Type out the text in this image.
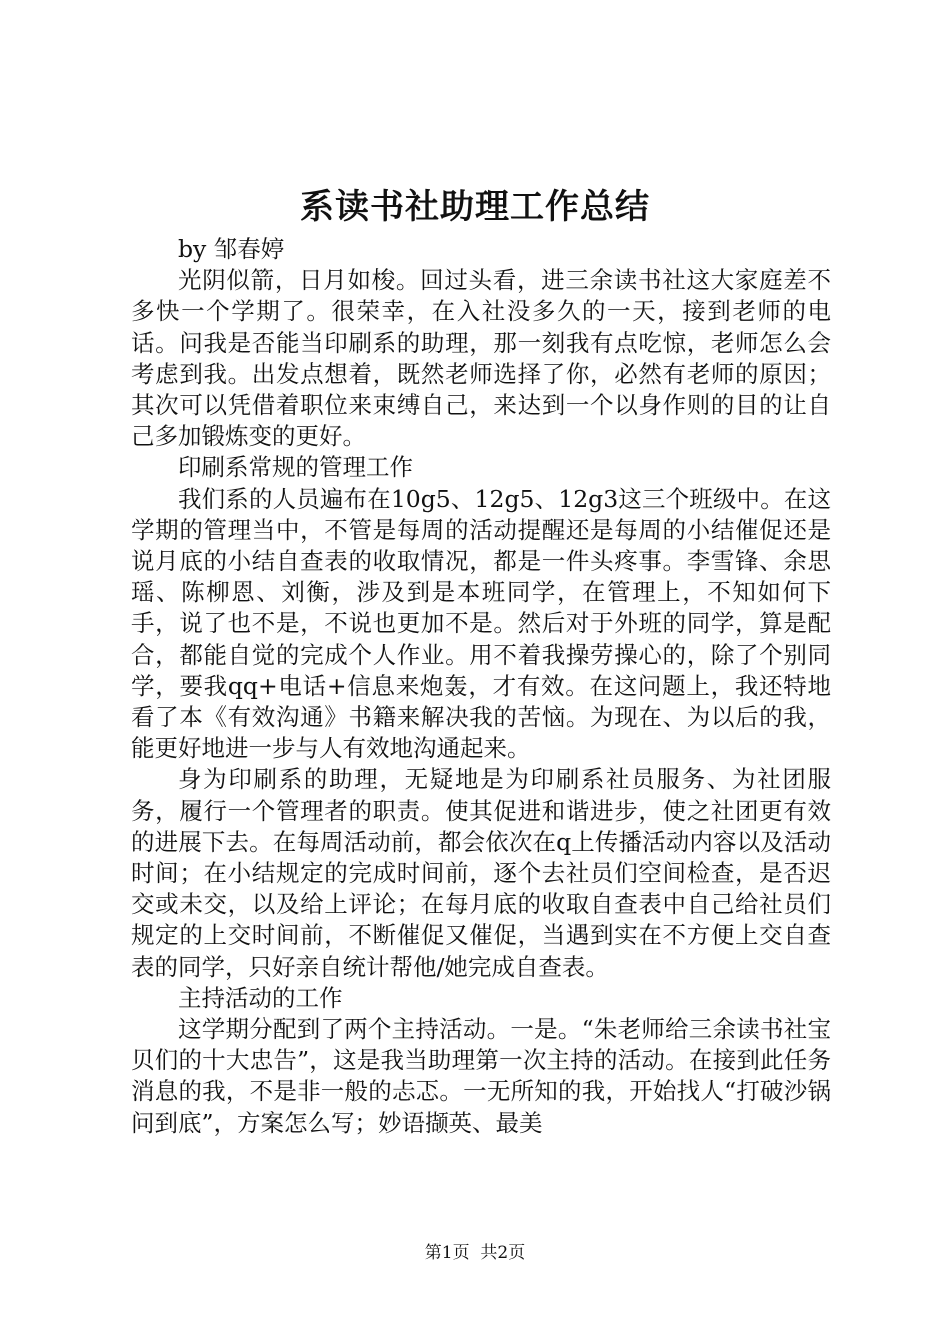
系读书社助理工作总结

by 邹春婷

光阴似箭，日月如梭。回过头看，进三余读书社这大家庭差不多快一个学期了。很荣幸，在入社没多久的一天，接到老师的电话。问我是否能当印刷系的助理，那一刻我有点吃惊，老师怎么会考虑到我。出发点想着，既然老师选择了你，必然有老师的原因；其次可以凭借着职位来束缚自己，来达到一个以身作则的目的让自己多加锻炼变的更好。

印刷系常规的管理工作

我们系的人员遍布在10g5、12g5、12g3这三个班级中。在这学期的管理当中，不管是每周的活动提醒还是每周的小结催促还是说月底的小结自查表的收取情况，都是一件头疼事。李雪锋、余思瑶、陈柳恩、刘衡，涉及到是本班同学，在管理上，不知如何下手，说了也不是，不说也更加不是。然后对于外班的同学，算是配合，都能自觉的完成个人作业。用不着我操劳操心的，除了个别同学，要我qq+电话+信息来炮轰，才有效。在这问题上，我还特地看了本《有效沟通》书籍来解决我的苦恼。为现在、为以后的我，能更好地进一步与人有效地沟通起来。

身为印刷系的助理，无疑地是为印刷系社员服务、为社团服务，履行一个管理者的职责。使其促进和谐进步，使之社团更有效的进展下去。在每周活动前，都会依次在q上传播活动内容以及活动时间；在小结规定的完成时间前，逐个去社员们空间检查，是否迟交或未交，以及给上评论；在每月底的收取自查表中自己给社员们规定的上交时间前，不断催促又催促，当遇到实在不方便上交自查表的同学，只好亲自统计帮他/她完成自查表。

主持活动的工作

这学期分配到了两个主持活动。一是。“朱老师给三余读书社宝贝们的十大忠告”，这是我当助理第一次主持的活动。在接到此任务消息的我，不是非一般的忐忑。一无所知的我，开始找人“打破沙锅问到底”，方案怎么写；妙语撷英、最美

第1页 共2页
